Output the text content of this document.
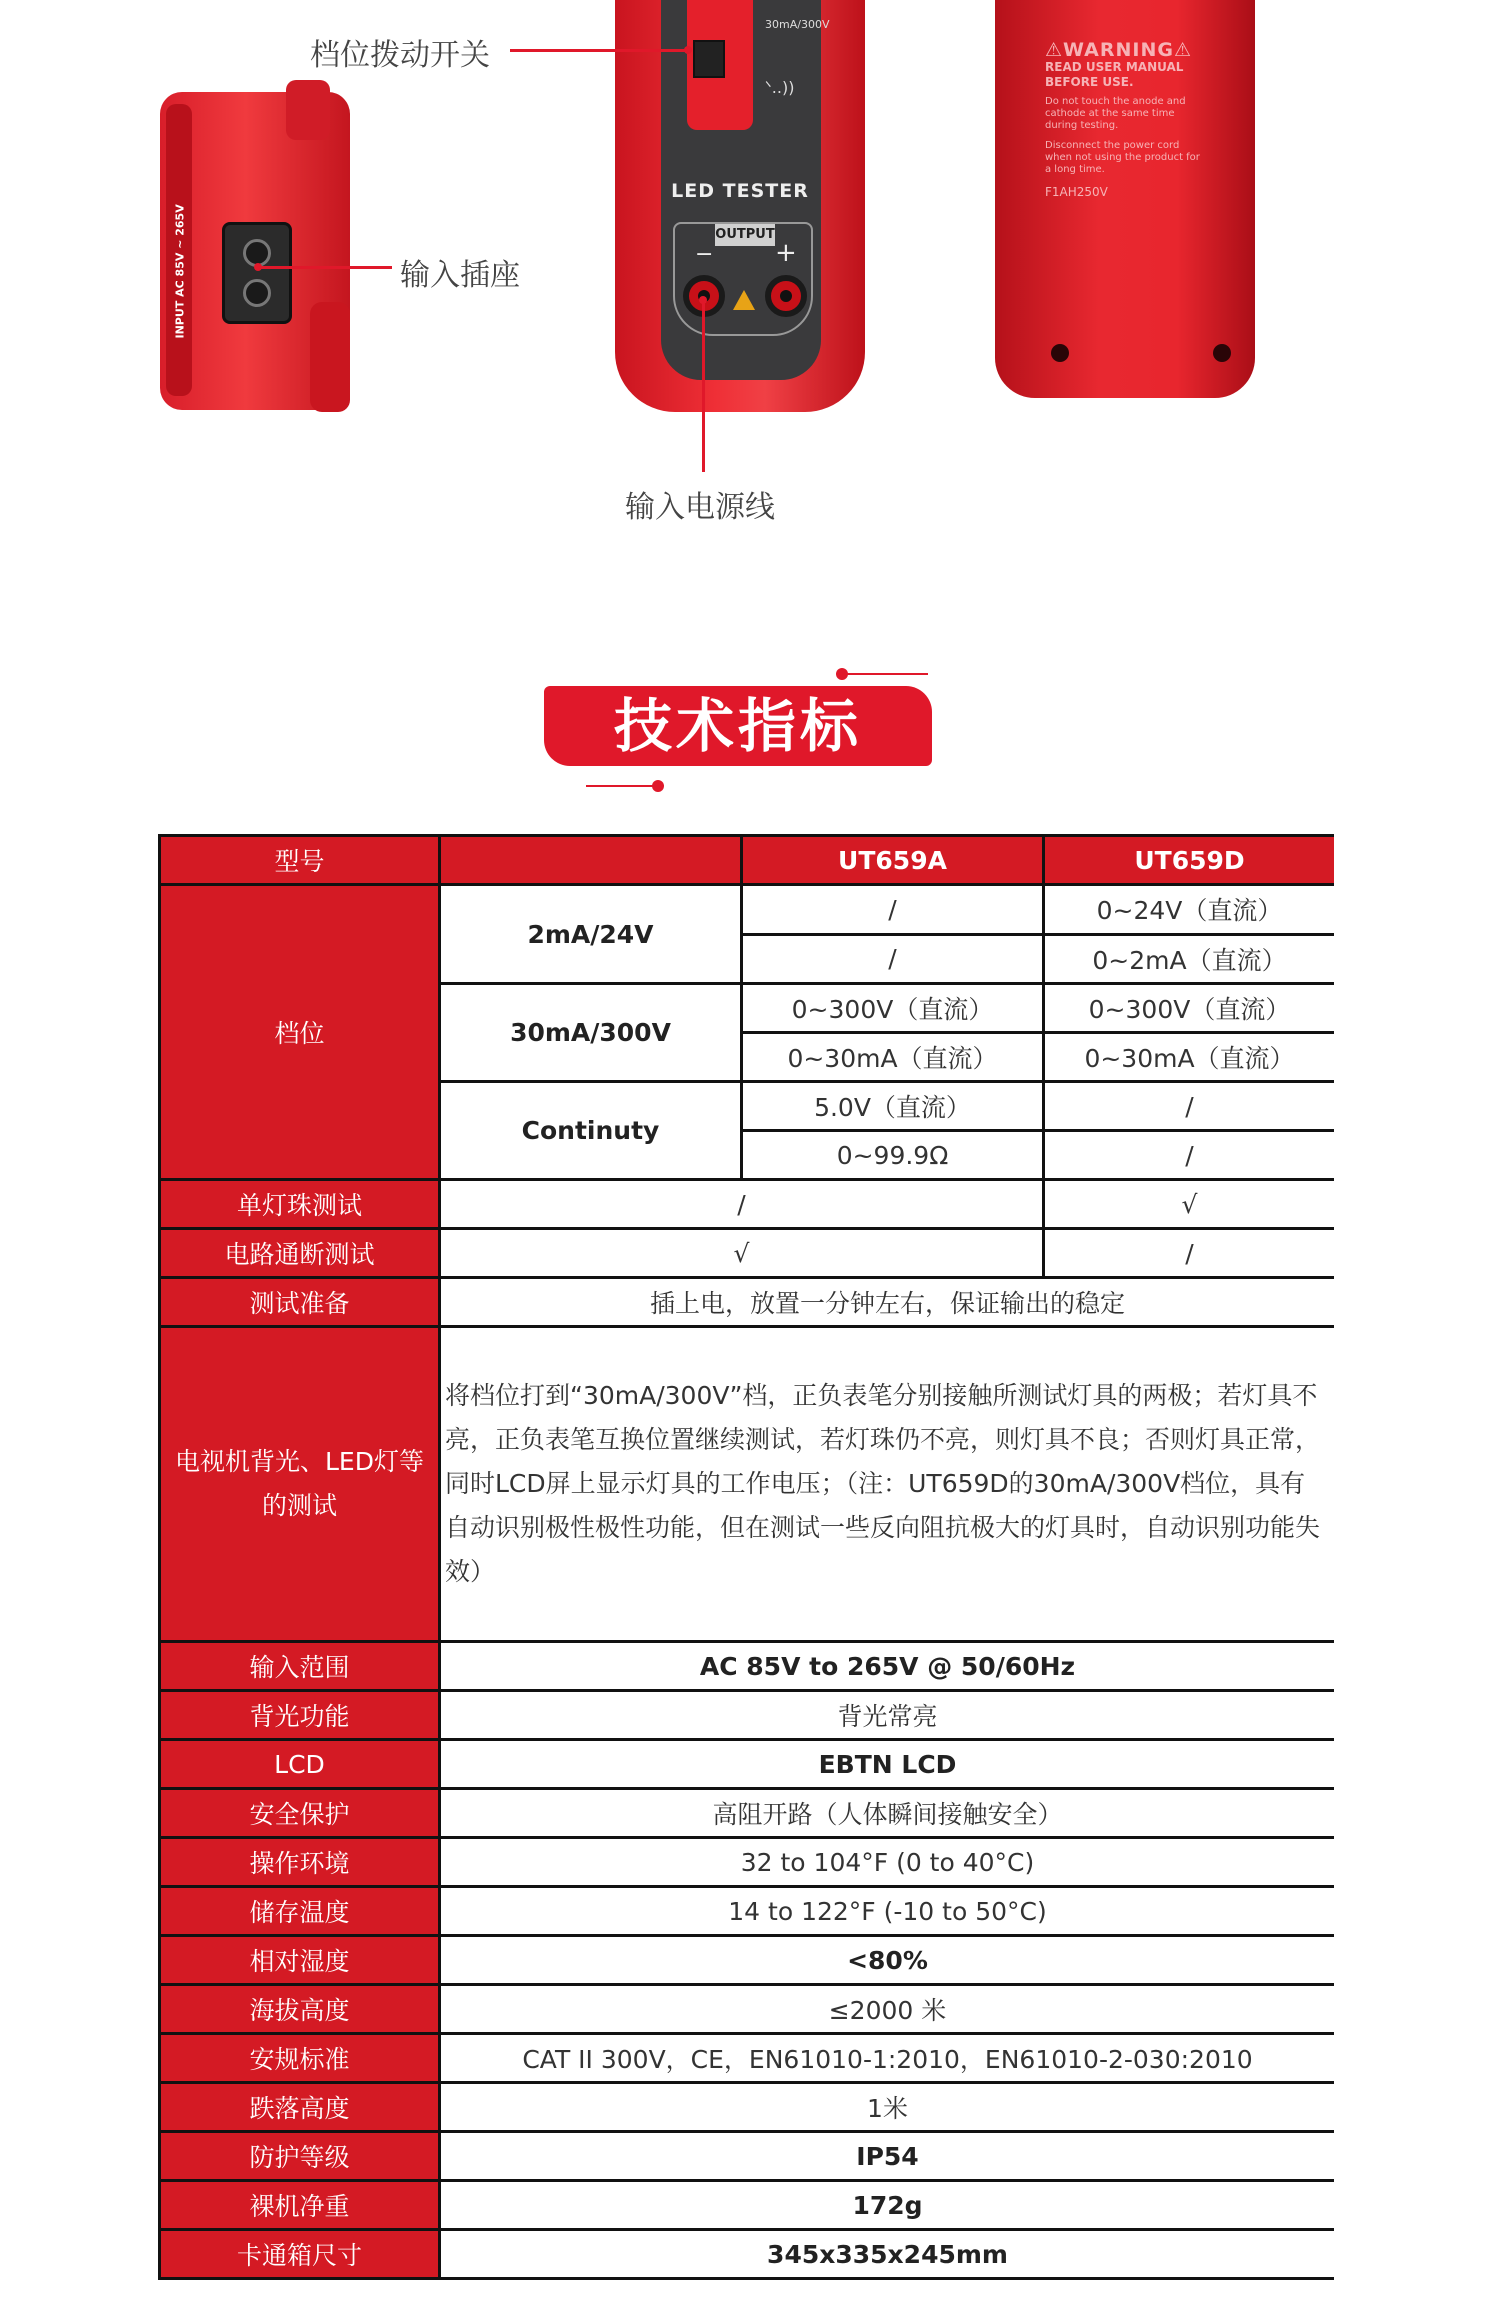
INPUT AC 85V ~ 265V
30mA/300V
ᐠ..))
LED TESTER
OUTPUT
− +
⚠WARNING⚠
READ USER MANUAL BEFORE USE.
Do not touch the anode and cathode at the same time during testing.
Disconnect the power cord when not using the product for a long time.
F1AH250V
档位拨动开关
输入插座
输入电源线
技术指标
型号		UT659A	UT659D
档位	2mA/24V	/	0~24V（直流）
		/	0~2mA（直流）
	30mA/300V	0~300V（直流）	0~300V（直流）
		0~30mA（直流）	0~30mA（直流）
	Continuty	5.0V（直流）	/
		0~99.9Ω	/
单灯珠测试	/		√
电路通断测试	√		/
测试准备	插上电，放置一分钟左右，保证输出的稳定		
电视机背光、LED灯等的测试	将档位打到“30mA/300V”档，正负表笔分别接触所测试灯具的两极；若灯具不亮，正负表笔互换位置继续测试，若灯珠仍不亮，则灯具不良；否则灯具正常，同时LCD屏上显示灯具的工作电压；（注：UT659D的30mA/300V档位，具有自动识别极性极性功能，但在测试一些反向阻抗极大的灯具时，自动识别功能失效）		
输入范围	AC 85V to 265V @ 50/60Hz
背光功能	背光常亮
LCD	EBTN LCD
安全保护	高阻开路（人体瞬间接触安全）
操作环境	32 to 104°F (0 to 40°C)
储存温度	14 to 122°F (-10 to 50°C)
相对湿度	<80%
海拔高度	≤2000 米
安规标准	CAT II 300V，CE，EN61010-1:2010，EN61010-2-030:2010
跌落高度	1米
防护等级	IP54
裸机净重	172g
卡通箱尺寸	345x335x245mm
